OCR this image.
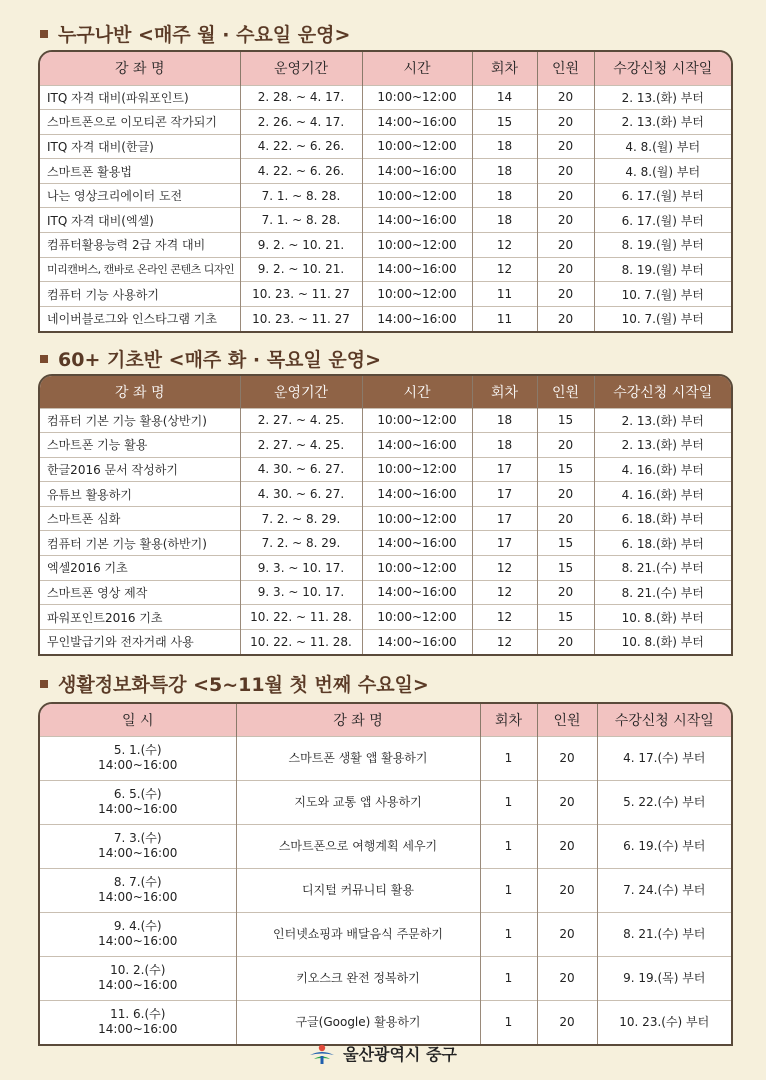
누구나반 <매주 월 · 수요일 운영>
강 좌 명	운영기간	시간	회차	인원	수강신청 시작일
ITQ 자격 대비(파워포인트)	2. 28. ~ 4. 17.	10:00~12:00	14	20	2. 13.(화) 부터
스마트폰으로 이모티콘 작가되기	2. 26. ~ 4. 17.	14:00~16:00	15	20	2. 13.(화) 부터
ITQ 자격 대비(한글)	4. 22. ~ 6. 26.	10:00~12:00	18	20	4. 8.(월) 부터
스마트폰 활용법	4. 22. ~ 6. 26.	14:00~16:00	18	20	4. 8.(월) 부터
나는 영상크리에이터 도전	7. 1. ~ 8. 28.	10:00~12:00	18	20	6. 17.(월) 부터
ITQ 자격 대비(엑셀)	7. 1. ~ 8. 28.	14:00~16:00	18	20	6. 17.(월) 부터
컴퓨터활용능력 2급 자격 대비	9. 2. ~ 10. 21.	10:00~12:00	12	20	8. 19.(월) 부터
미리캔버스, 캔바로 온라인 콘텐츠 디자인	9. 2. ~ 10. 21.	14:00~16:00	12	20	8. 19.(월) 부터
컴퓨터 기능 사용하기	10. 23. ~ 11. 27	10:00~12:00	11	20	10. 7.(월) 부터
네이버블로그와 인스타그램 기초	10. 23. ~ 11. 27	14:00~16:00	11	20	10. 7.(월) 부터
60+ 기초반 <매주 화 · 목요일 운영>
강 좌 명	운영기간	시간	회차	인원	수강신청 시작일
컴퓨터 기본 기능 활용(상반기)	2. 27. ~ 4. 25.	10:00~12:00	18	15	2. 13.(화) 부터
스마트폰 기능 활용	2. 27. ~ 4. 25.	14:00~16:00	18	20	2. 13.(화) 부터
한글2016 문서 작성하기	4. 30. ~ 6. 27.	10:00~12:00	17	15	4. 16.(화) 부터
유튜브 활용하기	4. 30. ~ 6. 27.	14:00~16:00	17	20	4. 16.(화) 부터
스마트폰 심화	7. 2. ~ 8. 29.	10:00~12:00	17	20	6. 18.(화) 부터
컴퓨터 기본 기능 활용(하반기)	7. 2. ~ 8. 29.	14:00~16:00	17	15	6. 18.(화) 부터
엑셀2016 기초	9. 3. ~ 10. 17.	10:00~12:00	12	15	8. 21.(수) 부터
스마트폰 영상 제작	9. 3. ~ 10. 17.	14:00~16:00	12	20	8. 21.(수) 부터
파워포인트2016 기초	10. 22. ~ 11. 28.	10:00~12:00	12	15	10. 8.(화) 부터
무인발급기와 전자거래 사용	10. 22. ~ 11. 28.	14:00~16:00	12	20	10. 8.(화) 부터
생활정보화특강 <5~11월 첫 번째 수요일>
일 시	강 좌 명	회차	인원	수강신청 시작일

5. 1.(수)
14:00~16:00	스마트폰 생활 앱 활용하기	1	20	4. 17.(수) 부터

6. 5.(수)
14:00~16:00	지도와 교통 앱 사용하기	1	20	5. 22.(수) 부터

7. 3.(수)
14:00~16:00	스마트폰으로 여행계획 세우기	1	20	6. 19.(수) 부터

8. 7.(수)
14:00~16:00	디지털 커뮤니티 활용	1	20	7. 24.(수) 부터

9. 4.(수)
14:00~16:00	인터넷쇼핑과 배달음식 주문하기	1	20	8. 21.(수) 부터

10. 2.(수)
14:00~16:00	키오스크 완전 정복하기	1	20	9. 19.(목) 부터

11. 6.(수)
14:00~16:00	구글(Google) 활용하기	1	20	10. 23.(수) 부터
울산광역시 중구
